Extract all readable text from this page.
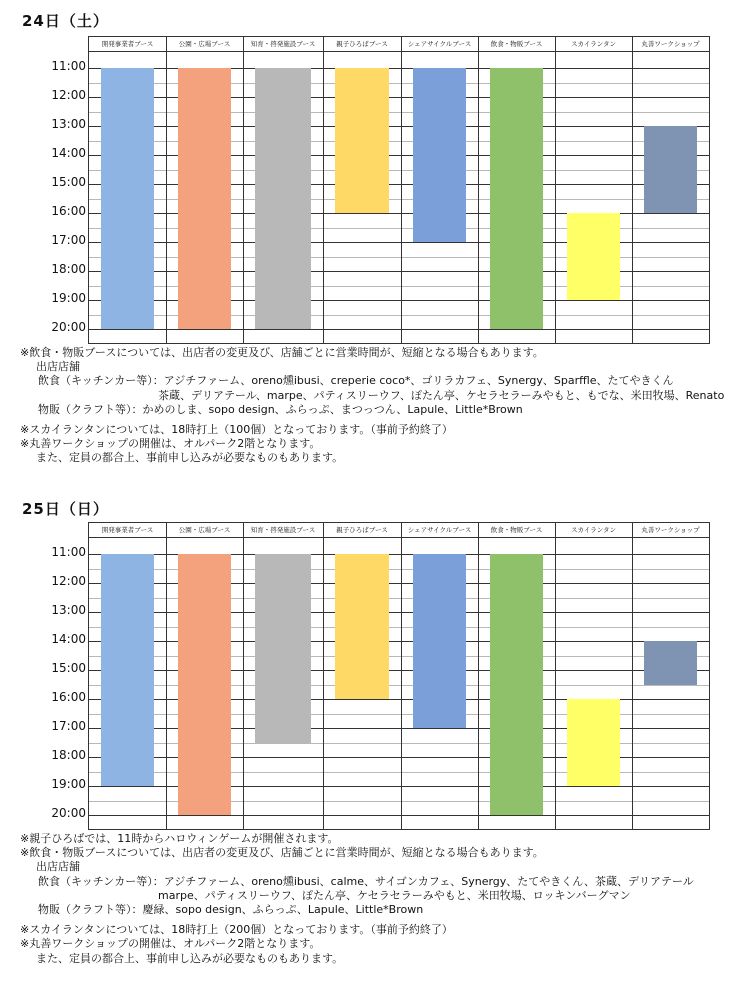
24日（土）
開発事業者ブース	公園・広場ブース	知育・啓発施設ブース	親子ひろばブース	シェアサイクルブース	飲食・物販ブース	スカイランタン	丸善ワークショップ
11:00
12:00
13:00
14:00
15:00
16:00
17:00
18:00
19:00
20:00
※飲食・物販ブースについては、出店者の変更及び、店舗ごとに営業時間が、短縮となる場合もあります。
出店店舗
飲食（キッチンカー等）：アジチファーム、oreno燻ibusi、creperie coco*、ゴリラカフェ、Synergy、Sparffle、たてやきくん
茶蔵、デリアテール、marpe、パティスリーウフ、ぽたん亭、ケセラセラーみやもと、もでな、米田牧場、Renato
物販（クラフト等）：かめのしま、sopo design、ふらっぷ、まつっつん、Lapule、Little*Brown
※スカイランタンについては、18時打上（100個）となっております。（事前予約終了）
※丸善ワークショップの開催は、オルパーク2階となります。
また、定員の都合上、事前申し込みが必要なものもあります。
25日（日）
開発事業者ブース	公園・広場ブース	知育・啓発施設ブース	親子ひろばブース	シェアサイクルブース	飲食・物販ブース	スカイランタン	丸善ワークショップ
11:00
12:00
13:00
14:00
15:00
16:00
17:00
18:00
19:00
20:00
※親子ひろばでは、11時からハロウィンゲームが開催されます。
※飲食・物販ブースについては、出店者の変更及び、店舗ごとに営業時間が、短縮となる場合もあります。
出店店舗
飲食（キッチンカー等）：アジチファーム、oreno燻ibusi、calme、サイゴンカフェ、Synergy、たてやきくん、茶蔵、デリアテール
marpe、パティスリーウフ、ぽたん亭、ケセラセラーみやもと、米田牧場、ロッキンバーグマン
物販（クラフト等）：慶緑、sopo design、ふらっぷ、Lapule、Little*Brown
※スカイランタンについては、18時打上（200個）となっております。（事前予約終了）
※丸善ワークショップの開催は、オルパーク2階となります。
また、定員の都合上、事前申し込みが必要なものもあります。
